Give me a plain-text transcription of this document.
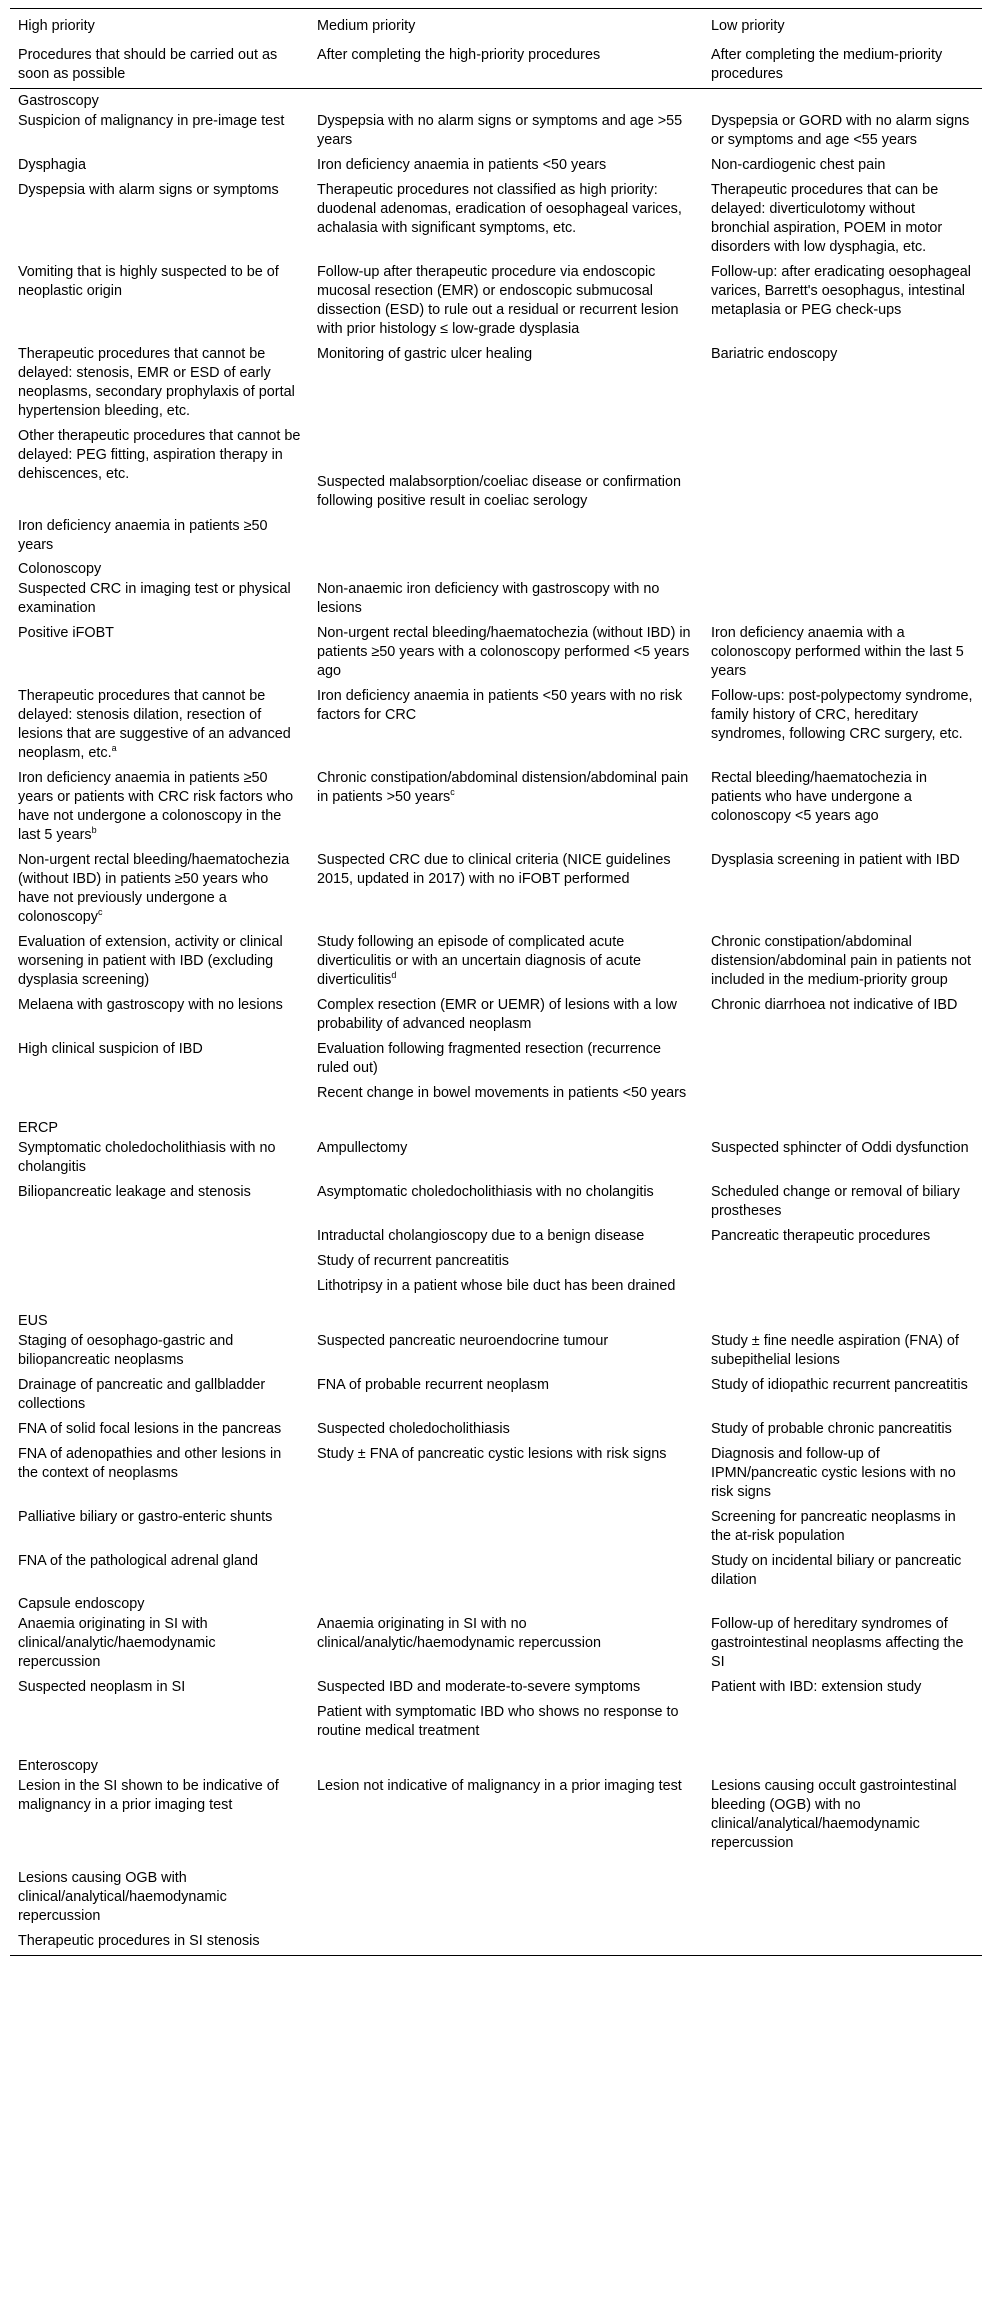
High priority	Medium priority	Low priority
Procedures that should be carried out as soon as possible	After completing the high-priority procedures	After completing the medium-priority procedures
Gastroscopy		
Suspicion of malignancy in pre-image test	Dyspepsia with no alarm signs or symptoms and age >55 years	Dyspepsia or GORD with no alarm signs or symptoms and age <55 years
Dysphagia	Iron deficiency anaemia in patients <50 years	Non-cardiogenic chest pain
Dyspepsia with alarm signs or symptoms	Therapeutic procedures not classified as high priority: duodenal adenomas, eradication of oesophageal varices, achalasia with significant symptoms, etc.	Therapeutic procedures that can be delayed: diverticulotomy without bronchial aspiration, POEM in motor disorders with low dysphagia, etc.
Vomiting that is highly suspected to be of neoplastic origin	Follow-up after therapeutic procedure via endoscopic mucosal resection (EMR) or endoscopic submucosal dissection (ESD) to rule out a residual or recurrent lesion with prior histology ≤ low-grade dysplasia	Follow-up: after eradicating oesophageal varices, Barrett's oesophagus, intestinal metaplasia or PEG check-ups
Therapeutic procedures that cannot be delayed: stenosis, EMR or ESD of early neoplasms, secondary prophylaxis of portal hypertension bleeding, etc.	Monitoring of gastric ulcer healing	Bariatric endoscopy
Other therapeutic procedures that cannot be delayed: PEG fitting, aspiration therapy in dehiscences, etc.	Suspected malabsorption/coeliac disease or confirmation following positive result in coeliac serology	
Iron deficiency anaemia in patients ≥50 years		
Colonoscopy		
Suspected CRC in imaging test or physical examination	Non-anaemic iron deficiency with gastroscopy with no lesions	
Positive iFOBT	Non-urgent rectal bleeding/haematochezia (without IBD) in patients ≥50 years with a colonoscopy performed <5 years ago	Iron deficiency anaemia with a colonoscopy performed within the last 5 years
Therapeutic procedures that cannot be delayed: stenosis dilation, resection of lesions that are suggestive of an advanced neoplasm, etc.$^a$	Iron deficiency anaemia in patients <50 years with no risk factors for CRC	Follow-ups: post-polypectomy syndrome, family history of CRC, hereditary syndromes, following CRC surgery, etc.
Iron deficiency anaemia in patients ≥50 years or patients with CRC risk factors who have not undergone a colonoscopy in the last 5 years$^b$	Chronic constipation/abdominal distension/abdominal pain in patients >50 years$^c$	Rectal bleeding/haematochezia in patients who have undergone a colonoscopy <5 years ago
Non-urgent rectal bleeding/haematochezia (without IBD) in patients ≥50 years who have not previously undergone a colonoscopy$^c$	Suspected CRC due to clinical criteria (NICE guidelines 2015, updated in 2017) with no iFOBT performed	Dysplasia screening in patient with IBD
Evaluation of extension, activity or clinical worsening in patient with IBD (excluding dysplasia screening)	Study following an episode of complicated acute diverticulitis or with an uncertain diagnosis of acute diverticulitis$^d$	Chronic constipation/abdominal distension/abdominal pain in patients not included in the medium-priority group
Melaena with gastroscopy with no lesions	Complex resection (EMR or UEMR) of lesions with a low probability of advanced neoplasm	Chronic diarrhoea not indicative of IBD
High clinical suspicion of IBD	Evaluation following fragmented resection (recurrence ruled out)	
	Recent change in bowel movements in patients <50 years	
ERCP		
Symptomatic choledocholithiasis with no cholangitis	Ampullectomy	Suspected sphincter of Oddi dysfunction
Biliopancreatic leakage and stenosis	Asymptomatic choledocholithiasis with no cholangitis	Scheduled change or removal of biliary prostheses
	Intraductal cholangioscopy due to a benign disease	Pancreatic therapeutic procedures
	Study of recurrent pancreatitis	
	Lithotripsy in a patient whose bile duct has been drained	
EUS		
Staging of oesophago-gastric and biliopancreatic neoplasms	Suspected pancreatic neuroendocrine tumour	Study ± fine needle aspiration (FNA) of subepithelial lesions
Drainage of pancreatic and gallbladder collections	FNA of probable recurrent neoplasm	Study of idiopathic recurrent pancreatitis
FNA of solid focal lesions in the pancreas	Suspected choledocholithiasis	Study of probable chronic pancreatitis
FNA of adenopathies and other lesions in the context of neoplasms	Study ± FNA of pancreatic cystic lesions with risk signs	Diagnosis and follow-up of IPMN/pancreatic cystic lesions with no risk signs
Palliative biliary or gastro-enteric shunts		Screening for pancreatic neoplasms in the at-risk population
FNA of the pathological adrenal gland		Study on incidental biliary or pancreatic dilation
Capsule endoscopy		
Anaemia originating in SI with clinical/analytic/haemodynamic repercussion	Anaemia originating in SI with no clinical/analytic/haemodynamic repercussion	Follow-up of hereditary syndromes of gastrointestinal neoplasms affecting the SI
Suspected neoplasm in SI	Suspected IBD and moderate-to-severe symptoms	Patient with IBD: extension study
	Patient with symptomatic IBD who shows no response to routine medical treatment	
Enteroscopy		
Lesion in the SI shown to be indicative of malignancy in a prior imaging test	Lesion not indicative of malignancy in a prior imaging test	Lesions causing occult gastrointestinal bleeding (OGB) with no clinical/analytical/haemodynamic repercussion
Lesions causing OGB with clinical/analytical/haemodynamic repercussion		
Therapeutic procedures in SI stenosis		
